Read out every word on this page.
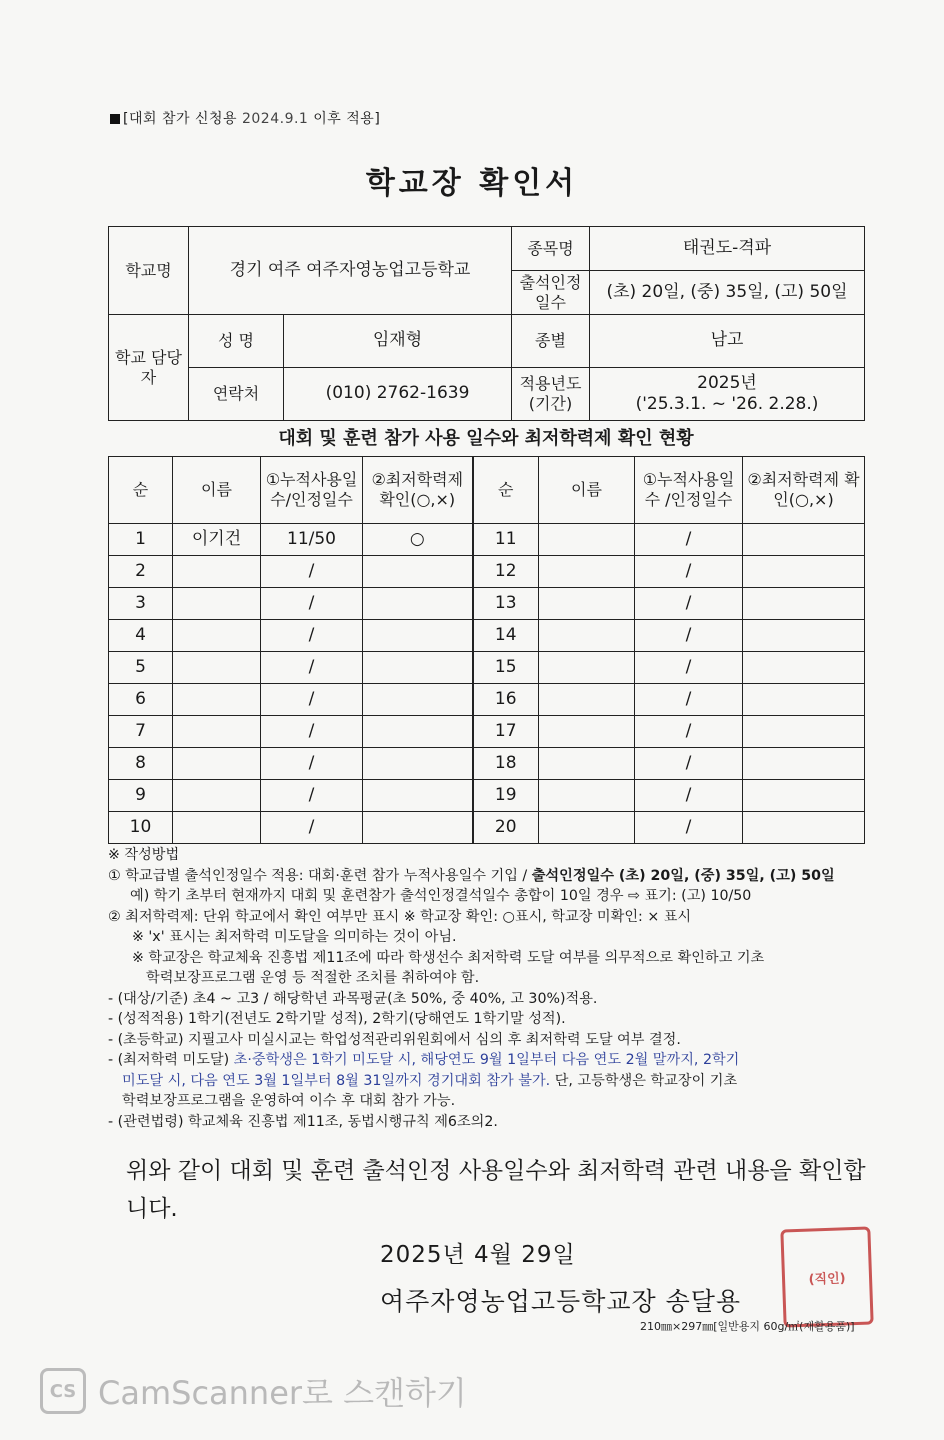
[대회 참가 신청용 2024.9.1 이후 적용]
학교장 확인서
학교명	경기 여주 여주자영농업고등학교		종목명	태권도-격파
			출석인정 일수	(초) 20일, (중) 35일, (고) 50일
학교 담당자	성 명	임재형	종별	남고
	연락처	(010) 2762-1639	적용년도 (기간)	2025년
('25.3.1. ~ '26. 2.28.)
대회 및 훈련 참가 사용 일수와 최저학력제 확인 현황
순	이름	①누적사용일 수/인정일수	②최저학력제 확인(○,×)	순	이름	①누적사용일수 /인정일수	②최저학력제 확인(○,×)
1	이기건	11/50	○	11		/	
2		/		12		/	
3		/		13		/	
4		/		14		/	
5		/		15		/	
6		/		16		/	
7		/		17		/	
8		/		18		/	
9		/		19		/	
10		/		20		/	
※ 작성방법
① 학교급별 출석인정일수 적용: 대회·훈련 참가 누적사용일수 기입 / 출석인정일수 (초) 20일, (중) 35일, (고) 50일
예) 학기 초부터 현재까지 대회 및 훈련참가 출석인정결석일수 총합이 10일 경우 ⇨ 표기: (고) 10/50
② 최저학력제: 단위 학교에서 확인 여부만 표시 ※ 학교장 확인: ○표시, 학교장 미확인: × 표시
※ 'x' 표시는 최저학력 미도달을 의미하는 것이 아님.
※ 학교장은 학교체육 진흥법 제11조에 따라 학생선수 최저학력 도달 여부를 의무적으로 확인하고 기초
학력보장프로그램 운영 등 적절한 조치를 취하여야 함.
- (대상/기준) 초4 ~ 고3 / 해당학년 과목평균(초 50%, 중 40%, 고 30%)적용.
- (성적적용) 1학기(전년도 2학기말 성적), 2학기(당해연도 1학기말 성적).
- (초등학교) 지필고사 미실시교는 학업성적관리위원회에서 심의 후 최저학력 도달 여부 결정.
- (최저학력 미도달) 초·중학생은 1학기 미도달 시, 해당연도 9월 1일부터 다음 연도 2월 말까지, 2학기
미도달 시, 다음 연도 3월 1일부터 8월 31일까지 경기대회 참가 불가. 단, 고등학생은 학교장이 기초
학력보장프로그램을 운영하여 이수 후 대회 참가 가능.
- (관련법령) 학교체육 진흥법 제11조, 동법시행규칙 제6조의2.
위와 같이 대회 및 훈련 출석인정 사용일수와 최저학력 관련 내용을 확인합니다.
2025년 4월 29일
여주자영농업고등학교장 송달용
(직인)
210㎜×297㎜[일반용지 60g/㎡(재활용품)]
CS CamScanner로 스캔하기
